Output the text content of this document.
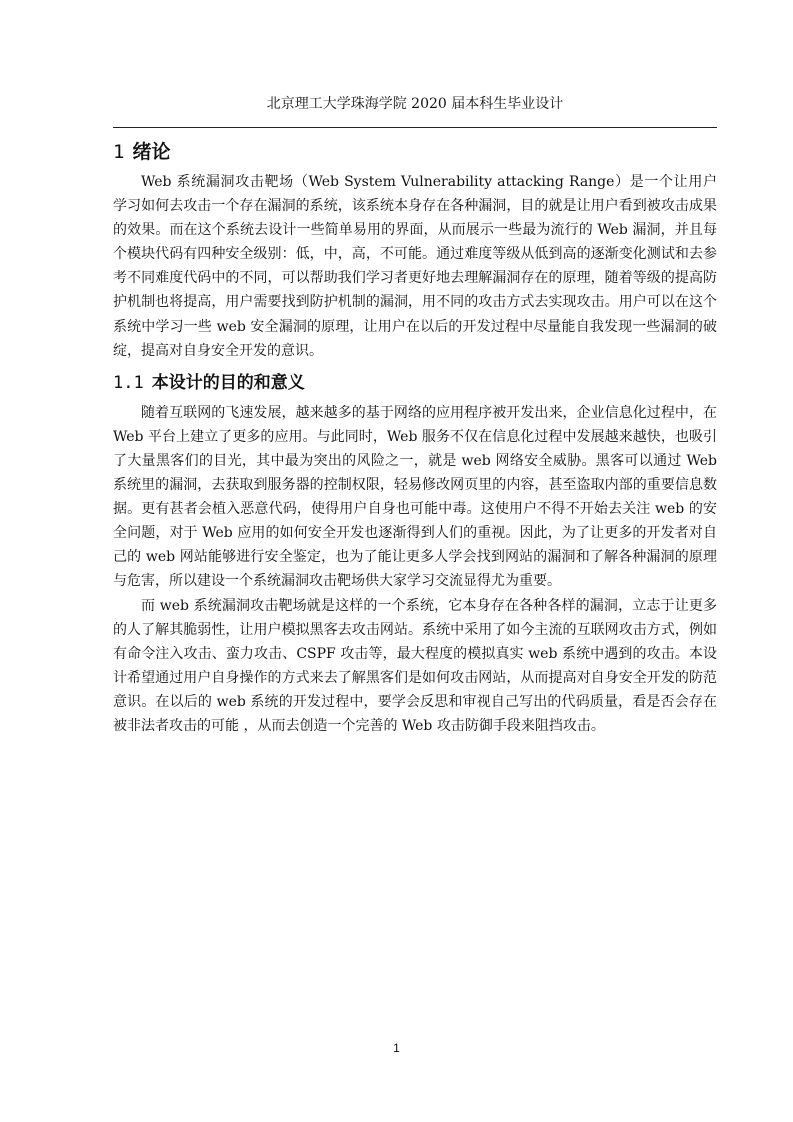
北京理工大学珠海学院 2020 届本科生毕业设计
1 绪论

Web 系统漏洞攻击靶场（Web System Vulnerability attacking Range）是一个让用户学习如何去攻击一个存在漏洞的系统，该系统本身存在各种漏洞，目的就是让用户看到被攻击成果的效果。而在这个系统去设计一些简单易用的界面，从而展示一些最为流行的 Web 漏洞，并且每个模块代码有四种安全级别：低，中，高，不可能。通过难度等级从低到高的逐渐变化测试和去参考不同难度代码中的不同，可以帮助我们学习者更好地去理解漏洞存在的原理，随着等级的提高防护机制也将提高，用户需要找到防护机制的漏洞，用不同的攻击方式去实现攻击。用户可以在这个系统中学习一些 web 安全漏洞的原理，让用户在以后的开发过程中尽量能自我发现一些漏洞的破绽，提高对自身安全开发的意识。

1.1 本设计的目的和意义

随着互联网的飞速发展，越来越多的基于网络的应用程序被开发出来，企业信息化过程中，在 Web 平台上建立了更多的应用。与此同时，Web 服务不仅在信息化过程中发展越来越快，也吸引了大量黑客们的目光，其中最为突出的风险之一，就是 web 网络安全威胁。黑客可以通过 Web 系统里的漏洞，去获取到服务器的控制权限，轻易修改网页里的内容，甚至盗取内部的重要信息数据。更有甚者会植入恶意代码，使得用户自身也可能中毒。这使用户不得不开始去关注 web 的安全问题，对于 Web 应用的如何安全开发也逐渐得到人们的重视。因此，为了让更多的开发者对自己的 web 网站能够进行安全鉴定，也为了能让更多人学会找到网站的漏洞和了解各种漏洞的原理与危害，所以建设一个系统漏洞攻击靶场供大家学习交流显得尤为重要。

而 web 系统漏洞攻击靶场就是这样的一个系统，它本身存在各种各样的漏洞，立志于让更多的人了解其脆弱性，让用户模拟黑客去攻击网站。系统中采用了如今主流的互联网攻击方式，例如有命令注入攻击、蛮力攻击、CSPF 攻击等，最大程度的模拟真实 web 系统中遇到的攻击。本设计希望通过用户自身操作的方式来去了解黑客们是如何攻击网站，从而提高对自身安全开发的防范意识。在以后的 web 系统的开发过程中，要学会反思和审视自己写出的代码质量，看是否会存在被非法者攻击的可能 ，从而去创造一个完善的 Web 攻击防御手段来阻挡攻击。

1
